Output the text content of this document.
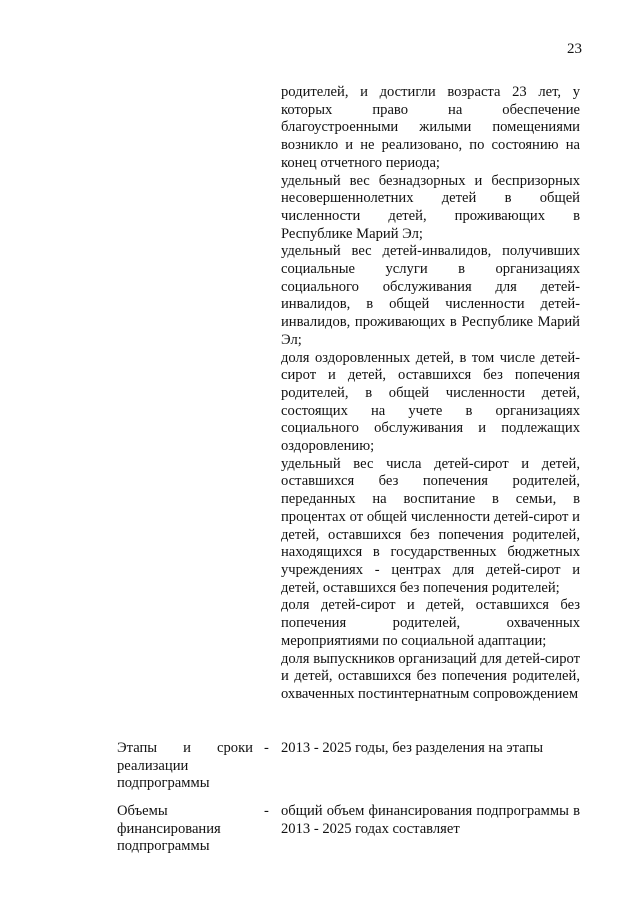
23

родителей, и достигли возраста 23 лет, у которых право на обеспечение благоустроенными жилыми помещениями возникло и не реализовано, по состоянию на конец отчетного периода;

удельный вес безнадзорных и беспризорных несовершеннолетних детей в общей численности детей, проживающих в Республике Марий Эл;

удельный вес детей-инвалидов, получивших социальные услуги в организациях социального обслуживания для детей-инвалидов, в общей численности детей-инвалидов, проживающих в Республике Марий Эл;

доля оздоровленных детей, в том числе детей-сирот и детей, оставшихся без попечения родителей, в общей численности детей, состоящих на учете в организациях социального обслуживания и подлежащих оздоровлению;

удельный вес числа детей-сирот и детей, оставшихся без попечения родителей, переданных на воспитание в семьи, в процентах от общей численности детей-сирот и детей, оставшихся без попечения родителей, находящихся в государственных бюджетных учреждениях - центрах для детей-сирот и детей, оставшихся без попечения родителей;

доля детей-сирот и детей, оставшихся без попечения родителей, охваченных мероприятиями по социальной адаптации;

доля выпускников организаций для детей-сирот и детей, оставшихся без попечения родителей, охваченных постинтернатным сопровождением

Этапы и сроки реализации подпрограммы
- 2013 - 2025 годы, без разделения на этапы

Объемы финансирования подпрограммы
- общий объем финансирования подпрограммы в 2013 - 2025 годах составляет
